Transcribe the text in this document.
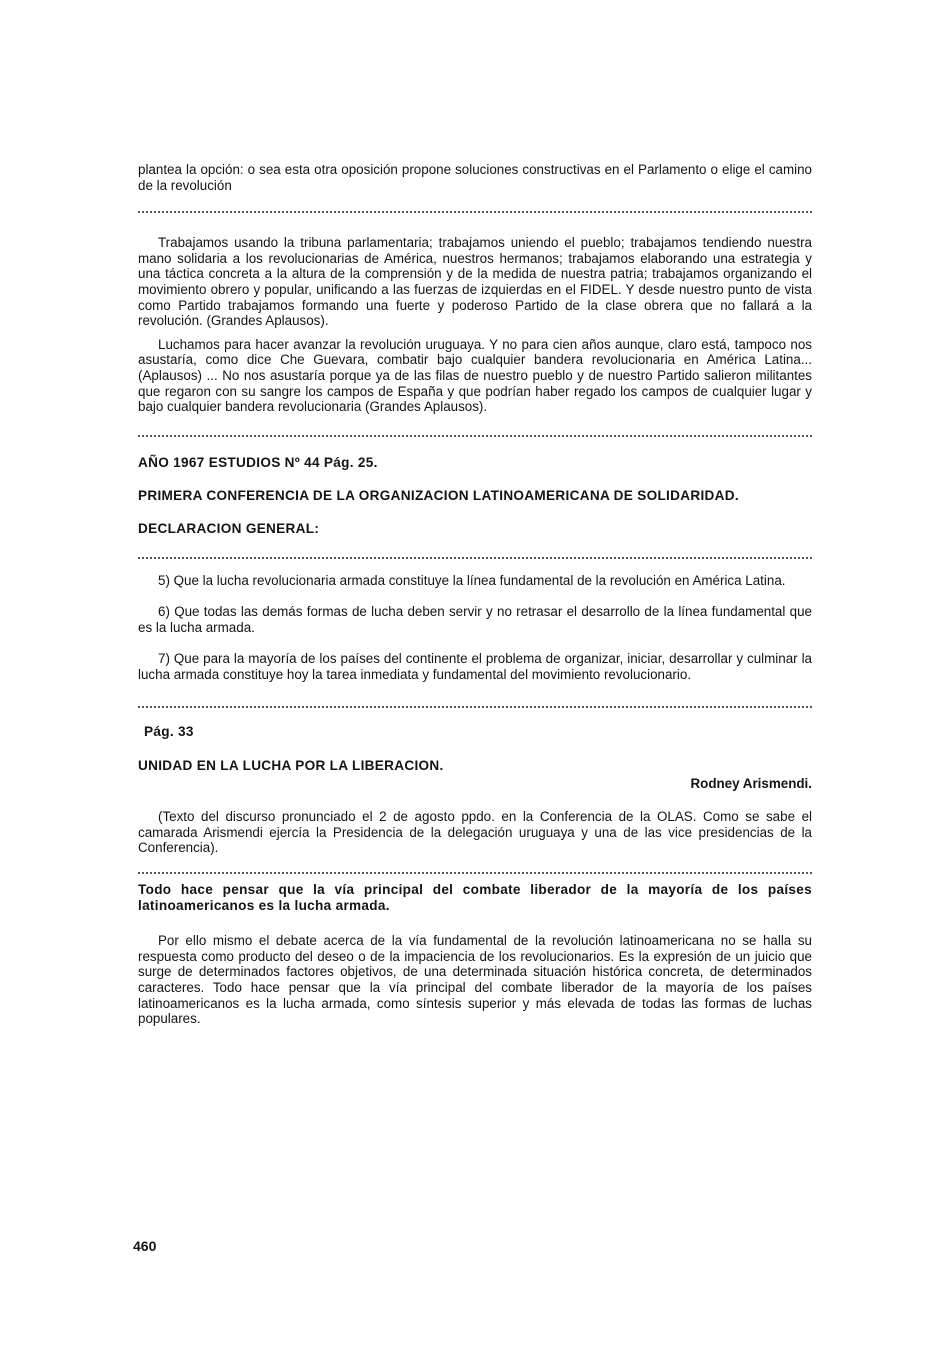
plantea la opción: o sea esta otra oposición propone soluciones constructivas en el Parlamento o elige el camino de la revolución

Trabajamos usando la tribuna parlamentaria; trabajamos uniendo el pueblo; trabajamos tendiendo nuestra mano solidaria a los revolucionarias de América, nuestros hermanos; trabajamos elaborando una estrategia y una táctica concreta a la altura de la comprensión y de la medida de nuestra patria; trabajamos organizando el movimiento obrero y popular, unificando a las fuerzas de izquierdas en el FIDEL. Y desde nuestro punto de vista como Partido trabajamos formando una fuerte y poderoso Partido de la clase obrera que no fallará a la revolución. (Grandes Aplausos).

Luchamos para hacer avanzar la revolución uruguaya. Y no para cien años aunque, claro está, tampoco nos asustaría, como dice Che Guevara, combatir bajo cualquier bandera revolucionaria en América Latina... (Aplausos) ... No nos asustaría porque ya de las filas de nuestro pueblo y de nuestro Partido salieron militantes que regaron con su sangre los campos de España y que podrían haber regado los campos de cualquier lugar y bajo cualquier bandera revolucionaria (Grandes Aplausos).

AÑO 1967 ESTUDIOS Nº 44 Pág. 25.

PRIMERA CONFERENCIA DE LA ORGANIZACION LATINOAMERICANA DE SOLIDARIDAD.

DECLARACION GENERAL:

5) Que la lucha revolucionaria armada constituye la línea fundamental de la revolución en América Latina.

6) Que todas las demás formas de lucha deben servir y no retrasar el desarrollo de la línea fundamental que es la lucha armada.

7) Que para la mayoría de los países del continente el problema de organizar, iniciar, desarrollar y culminar la lucha armada constituye hoy la tarea inmediata y fundamental del movimiento revolucionario.

Pág. 33

UNIDAD EN LA LUCHA POR LA LIBERACION.

Rodney Arismendi.

(Texto del discurso pronunciado el 2 de agosto ppdo. en la Conferencia de la OLAS. Como se sabe el camarada Arismendi ejercía la Presidencia de la delegación uruguaya y una de las vice presidencias de la Conferencia).

Todo hace pensar que la vía principal del combate liberador de la mayoría de los países latinoamericanos es la lucha armada.

Por ello mismo el debate acerca de la vía fundamental de la revolución latinoamericana no se halla su respuesta como producto del deseo o de la impaciencia de los revolucionarios. Es la expresión de un juicio que surge de determinados factores objetivos, de una determinada situación histórica concreta, de determinados caracteres. Todo hace pensar que la vía principal del combate liberador de la mayoría de los países latinoamericanos es la lucha armada, como síntesis superior y más elevada de todas las formas de luchas populares.

460
